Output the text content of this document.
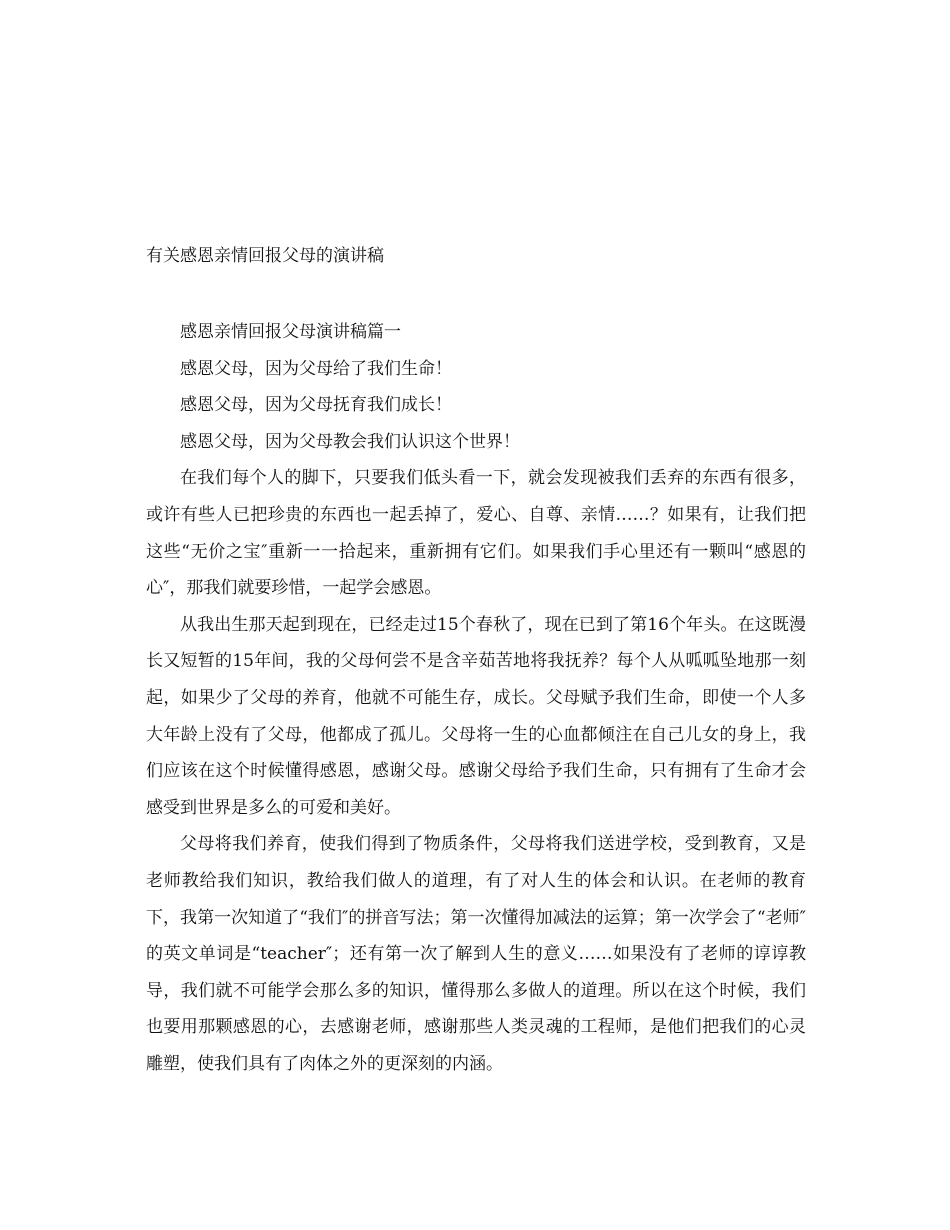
有关感恩亲情回报父母的演讲稿

感恩亲情回报父母演讲稿篇一

感恩父母，因为父母给了我们生命！

感恩父母，因为父母抚育我们成长！

感恩父母，因为父母教会我们认识这个世界！

在我们每个人的脚下，只要我们低头看一下，就会发现被我们丢弃的东西有很多，或许有些人已把珍贵的东西也一起丢掉了，爱心、自尊、亲情……？如果有，让我们把这些“无价之宝″重新一一拾起来，重新拥有它们。如果我们手心里还有一颗叫“感恩的心″，那我们就要珍惜，一起学会感恩。

从我出生那天起到现在，已经走过15个春秋了，现在已到了第16个年头。在这既漫长又短暂的15年间，我的父母何尝不是含辛茹苦地将我抚养？每个人从呱呱坠地那一刻起，如果少了父母的养育，他就不可能生存，成长。父母赋予我们生命，即使一个人多大年龄上没有了父母，他都成了孤儿。父母将一生的心血都倾注在自己儿女的身上，我们应该在这个时候懂得感恩，感谢父母。感谢父母给予我们生命，只有拥有了生命才会感受到世界是多么的可爱和美好。

父母将我们养育，使我们得到了物质条件，父母将我们送进学校，受到教育，又是老师教给我们知识，教给我们做人的道理，有了对人生的体会和认识。在老师的教育下，我第一次知道了“我们″的拼音写法；第一次懂得加减法的运算；第一次学会了“老师″的英文单词是“teacher″；还有第一次了解到人生的意义……如果没有了老师的谆谆教导，我们就不可能学会那么多的知识，懂得那么多做人的道理。所以在这个时候，我们也要用那颗感恩的心，去感谢老师，感谢那些人类灵魂的工程师，是他们把我们的心灵雕塑，使我们具有了肉体之外的更深刻的内涵。
